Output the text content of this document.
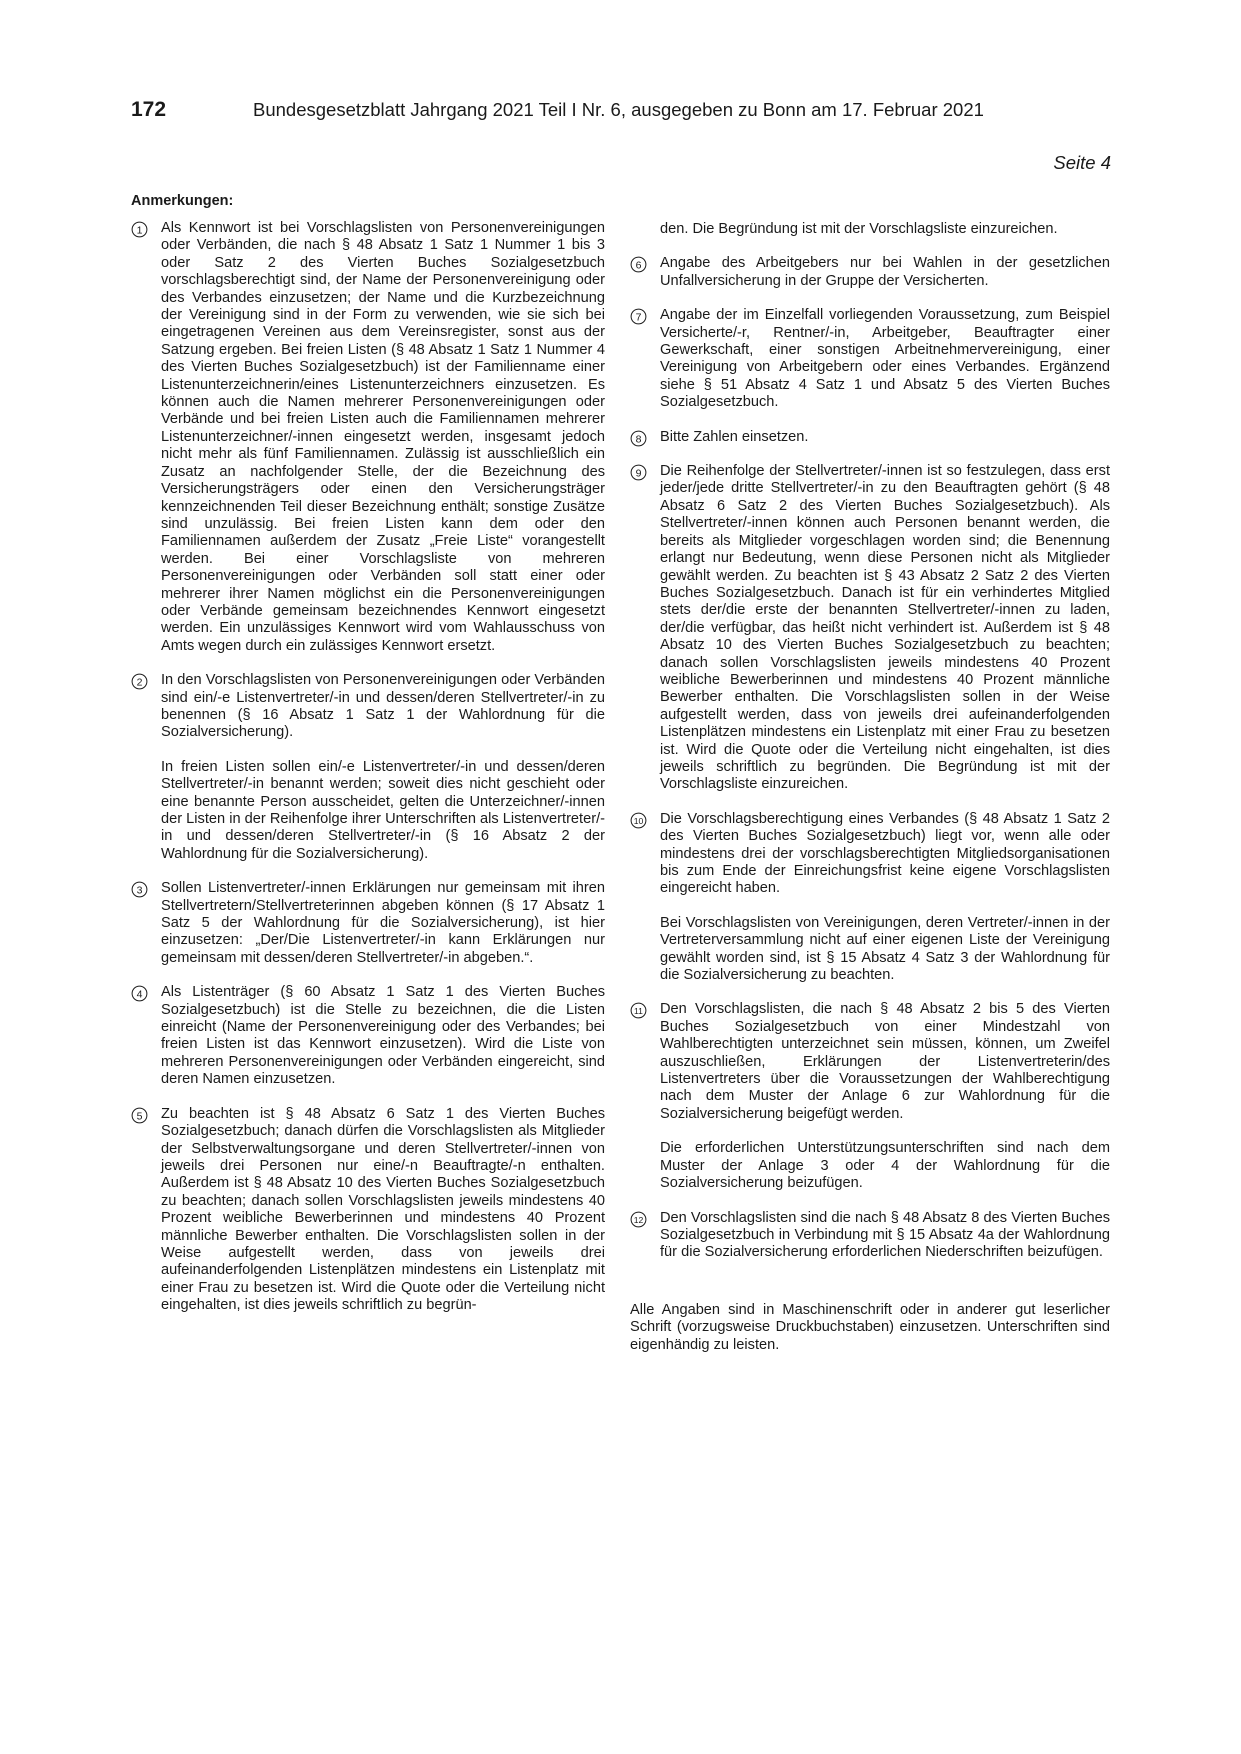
172	Bundesgesetzblatt Jahrgang 2021 Teil I Nr. 6, ausgegeben zu Bonn am 17. Februar 2021
Seite 4
Anmerkungen:
1 Als Kennwort ist bei Vorschlagslisten von Personenvereinigungen oder Verbänden, die nach § 48 Absatz 1 Satz 1 Nummer 1 bis 3 oder Satz 2 des Vierten Buches Sozialgesetzbuch vorschlagsberechtigt sind, der Name der Personenvereinigung oder des Verbandes einzusetzen; der Name und die Kurzbezeichnung der Vereinigung sind in der Form zu verwenden, wie sie sich bei eingetragenen Vereinen aus dem Vereinsregister, sonst aus der Satzung ergeben. Bei freien Listen (§ 48 Absatz 1 Satz 1 Nummer 4 des Vierten Buches Sozialgesetzbuch) ist der Familienname einer Listenunterzeichnerin/eines Listenunterzeichners einzusetzen. Es können auch die Namen mehrerer Personenvereinigungen oder Verbände und bei freien Listen auch die Familiennamen mehrerer Listenunterzeichner/-innen eingesetzt werden, insgesamt jedoch nicht mehr als fünf Familiennamen. Zulässig ist ausschließlich ein Zusatz an nachfolgender Stelle, der die Bezeichnung des Versicherungsträgers oder einen den Versicherungsträger kennzeichnenden Teil dieser Bezeichnung enthält; sonstige Zusätze sind unzulässig. Bei freien Listen kann dem oder den Familiennamen außerdem der Zusatz „Freie Liste“ vorangestellt werden. Bei einer Vorschlagsliste von mehreren Personenvereinigungen oder Verbänden soll statt einer oder mehrerer ihrer Namen möglichst ein die Personenvereinigungen oder Verbände gemeinsam bezeichnendes Kennwort eingesetzt werden. Ein unzulässiges Kennwort wird vom Wahlausschuss von Amts wegen durch ein zulässiges Kennwort ersetzt.

2 In den Vorschlagslisten von Personenvereinigungen oder Verbänden sind ein/-e Listenvertreter/-in und dessen/deren Stellvertreter/-in zu benennen (§ 16 Absatz 1 Satz 1 der Wahlordnung für die Sozialversicherung).

In freien Listen sollen ein/-e Listenvertreter/-in und dessen/deren Stellvertreter/-in benannt werden; soweit dies nicht geschieht oder eine benannte Person ausscheidet, gelten die Unterzeichner/-innen der Listen in der Reihenfolge ihrer Unterschriften als Listenvertreter/-in und dessen/deren Stellvertreter/-in (§ 16 Absatz 2 der Wahlordnung für die Sozialversicherung).

3 Sollen Listenvertreter/-innen Erklärungen nur gemeinsam mit ihren Stellvertretern/Stellvertreterinnen abgeben können (§ 17 Absatz 1 Satz 5 der Wahlordnung für die Sozialversicherung), ist hier einzusetzen: „Der/Die Listenvertreter/-in kann Erklärungen nur gemeinsam mit dessen/deren Stellvertreter/-in abgeben.“.

4 Als Listenträger (§ 60 Absatz 1 Satz 1 des Vierten Buches Sozialgesetzbuch) ist die Stelle zu bezeichnen, die die Listen einreicht (Name der Personenvereinigung oder des Verbandes; bei freien Listen ist das Kennwort einzusetzen). Wird die Liste von mehreren Personenvereinigungen oder Verbänden eingereicht, sind deren Namen einzusetzen.

5 Zu beachten ist § 48 Absatz 6 Satz 1 des Vierten Buches Sozialgesetzbuch; danach dürfen die Vorschlagslisten als Mitglieder der Selbstverwaltungsorgane und deren Stellvertreter/-innen von jeweils drei Personen nur eine/-n Beauftragte/-n enthalten. Außerdem ist § 48 Absatz 10 des Vierten Buches Sozialgesetzbuch zu beachten; danach sollen Vorschlagslisten jeweils mindestens 40 Prozent weibliche Bewerberinnen und mindestens 40 Prozent männliche Bewerber enthalten. Die Vorschlagslisten sollen in der Weise aufgestellt werden, dass von jeweils drei aufeinanderfolgenden Listenplätzen mindestens ein Listenplatz mit einer Frau zu besetzen ist. Wird die Quote oder die Verteilung nicht eingehalten, ist dies jeweils schriftlich zu begrün-

den. Die Begründung ist mit der Vorschlagsliste einzureichen.

6 Angabe des Arbeitgebers nur bei Wahlen in der gesetzlichen Unfallversicherung in der Gruppe der Versicherten.

7 Angabe der im Einzelfall vorliegenden Voraussetzung, zum Beispiel Versicherte/-r, Rentner/-in, Arbeitgeber, Beauftragter einer Gewerkschaft, einer sonstigen Arbeitnehmervereinigung, einer Vereinigung von Arbeitgebern oder eines Verbandes. Ergänzend siehe § 51 Absatz 4 Satz 1 und Absatz 5 des Vierten Buches Sozialgesetzbuch.

8 Bitte Zahlen einsetzen.

9 Die Reihenfolge der Stellvertreter/-innen ist so festzulegen, dass erst jeder/jede dritte Stellvertreter/-in zu den Beauftragten gehört (§ 48 Absatz 6 Satz 2 des Vierten Buches Sozialgesetzbuch). Als Stellvertreter/-innen können auch Personen benannt werden, die bereits als Mitglieder vorgeschlagen worden sind; die Benennung erlangt nur Bedeutung, wenn diese Personen nicht als Mitglieder gewählt werden. Zu beachten ist § 43 Absatz 2 Satz 2 des Vierten Buches Sozialgesetzbuch. Danach ist für ein verhindertes Mitglied stets der/die erste der benannten Stellvertreter/-innen zu laden, der/die verfügbar, das heißt nicht verhindert ist. Außerdem ist § 48 Absatz 10 des Vierten Buches Sozialgesetzbuch zu beachten; danach sollen Vorschlagslisten jeweils mindestens 40 Prozent weibliche Bewerberinnen und mindestens 40 Prozent männliche Bewerber enthalten. Die Vorschlagslisten sollen in der Weise aufgestellt werden, dass von jeweils drei aufeinanderfolgenden Listenplätzen mindestens ein Listenplatz mit einer Frau zu besetzen ist. Wird die Quote oder die Verteilung nicht eingehalten, ist dies jeweils schriftlich zu begründen. Die Begründung ist mit der Vorschlagsliste einzureichen.

10 Die Vorschlagsberechtigung eines Verbandes (§ 48 Absatz 1 Satz 2 des Vierten Buches Sozialgesetzbuch) liegt vor, wenn alle oder mindestens drei der vorschlagsberechtigten Mitgliedsorganisationen bis zum Ende der Einreichungsfrist keine eigene Vorschlagslisten eingereicht haben.

Bei Vorschlagslisten von Vereinigungen, deren Vertreter/-innen in der Vertreterversammlung nicht auf einer eigenen Liste der Vereinigung gewählt worden sind, ist § 15 Absatz 4 Satz 3 der Wahlordnung für die Sozialversicherung zu beachten.

11 Den Vorschlagslisten, die nach § 48 Absatz 2 bis 5 des Vierten Buches Sozialgesetzbuch von einer Mindestzahl von Wahlberechtigten unterzeichnet sein müssen, können, um Zweifel auszuschließen, Erklärungen der Listenvertreterin/des Listenvertreters über die Voraussetzungen der Wahlberechtigung nach dem Muster der Anlage 6 zur Wahlordnung für die Sozialversicherung beigefügt werden.

Die erforderlichen Unterstützungsunterschriften sind nach dem Muster der Anlage 3 oder 4 der Wahlordnung für die Sozialversicherung beizufügen.

12 Den Vorschlagslisten sind die nach § 48 Absatz 8 des Vierten Buches Sozialgesetzbuch in Verbindung mit § 15 Absatz 4a der Wahlordnung für die Sozialversicherung erforderlichen Niederschriften beizufügen.

Alle Angaben sind in Maschinenschrift oder in anderer gut leserlicher Schrift (vorzugsweise Druckbuchstaben) einzusetzen. Unterschriften sind eigenhändig zu leisten.
